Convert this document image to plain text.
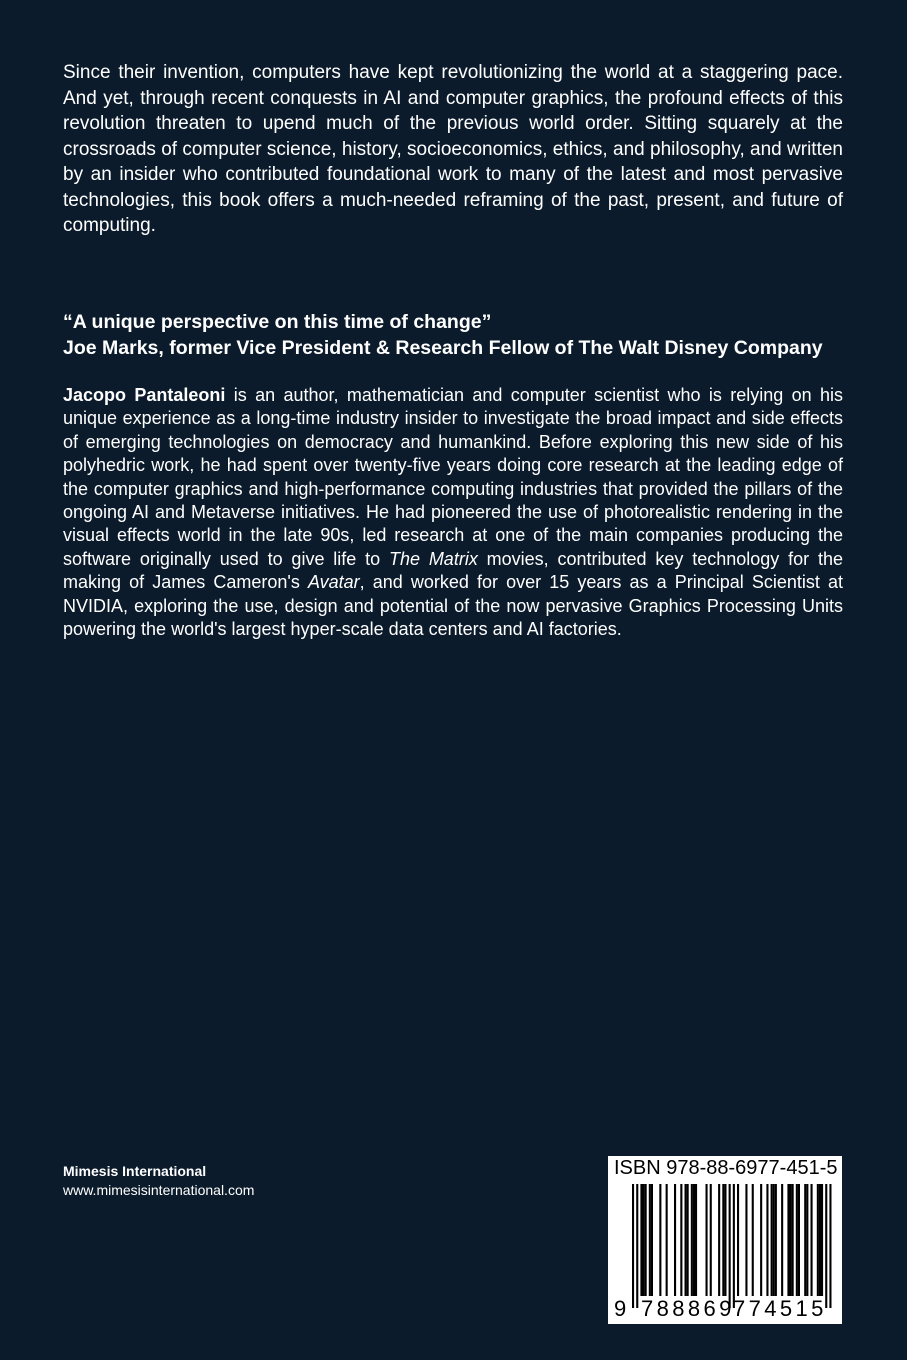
Since their invention, computers have kept revolutionizing the world at a staggering pace. And yet, through recent conquests in AI and computer graphics, the profound effects of this revolution threaten to upend much of the previous world order. Sitting squarely at the crossroads of computer science, history, socioeconomics, ethics, and philosophy, and written by an insider who contributed foundational work to many of the latest and most pervasive technologies, this book offers a much-needed reframing of the past, present, and future of computing.

“A unique perspective on this time of change”
Joe Marks, former Vice President & Research Fellow of The Walt Disney Company

Jacopo Pantaleoni is an author, mathematician and computer scientist who is relying on his unique experience as a long-time industry insider to investigate the broad impact and side effects of emerging technologies on democracy and humankind. Before exploring this new side of his polyhedric work, he had spent over twenty-five years doing core research at the leading edge of the computer graphics and high-performance computing industries that provided the pillars of the ongoing AI and Metaverse initiatives. He had pioneered the use of photorealistic rendering in the visual effects world in the late 90s, led research at one of the main companies producing the software originally used to give life to The Matrix movies, contributed key technology for the making of James Cameron's Avatar, and worked for over 15 years as a Principal Scientist at NVIDIA, exploring the use, design and potential of the now pervasive Graphics Processing Units powering the world's largest hyper-scale data centers and AI factories.

Mimesis International
www.mimesisinternational.com
ISBN 978-88-6977-451-5
9 788869
774515
